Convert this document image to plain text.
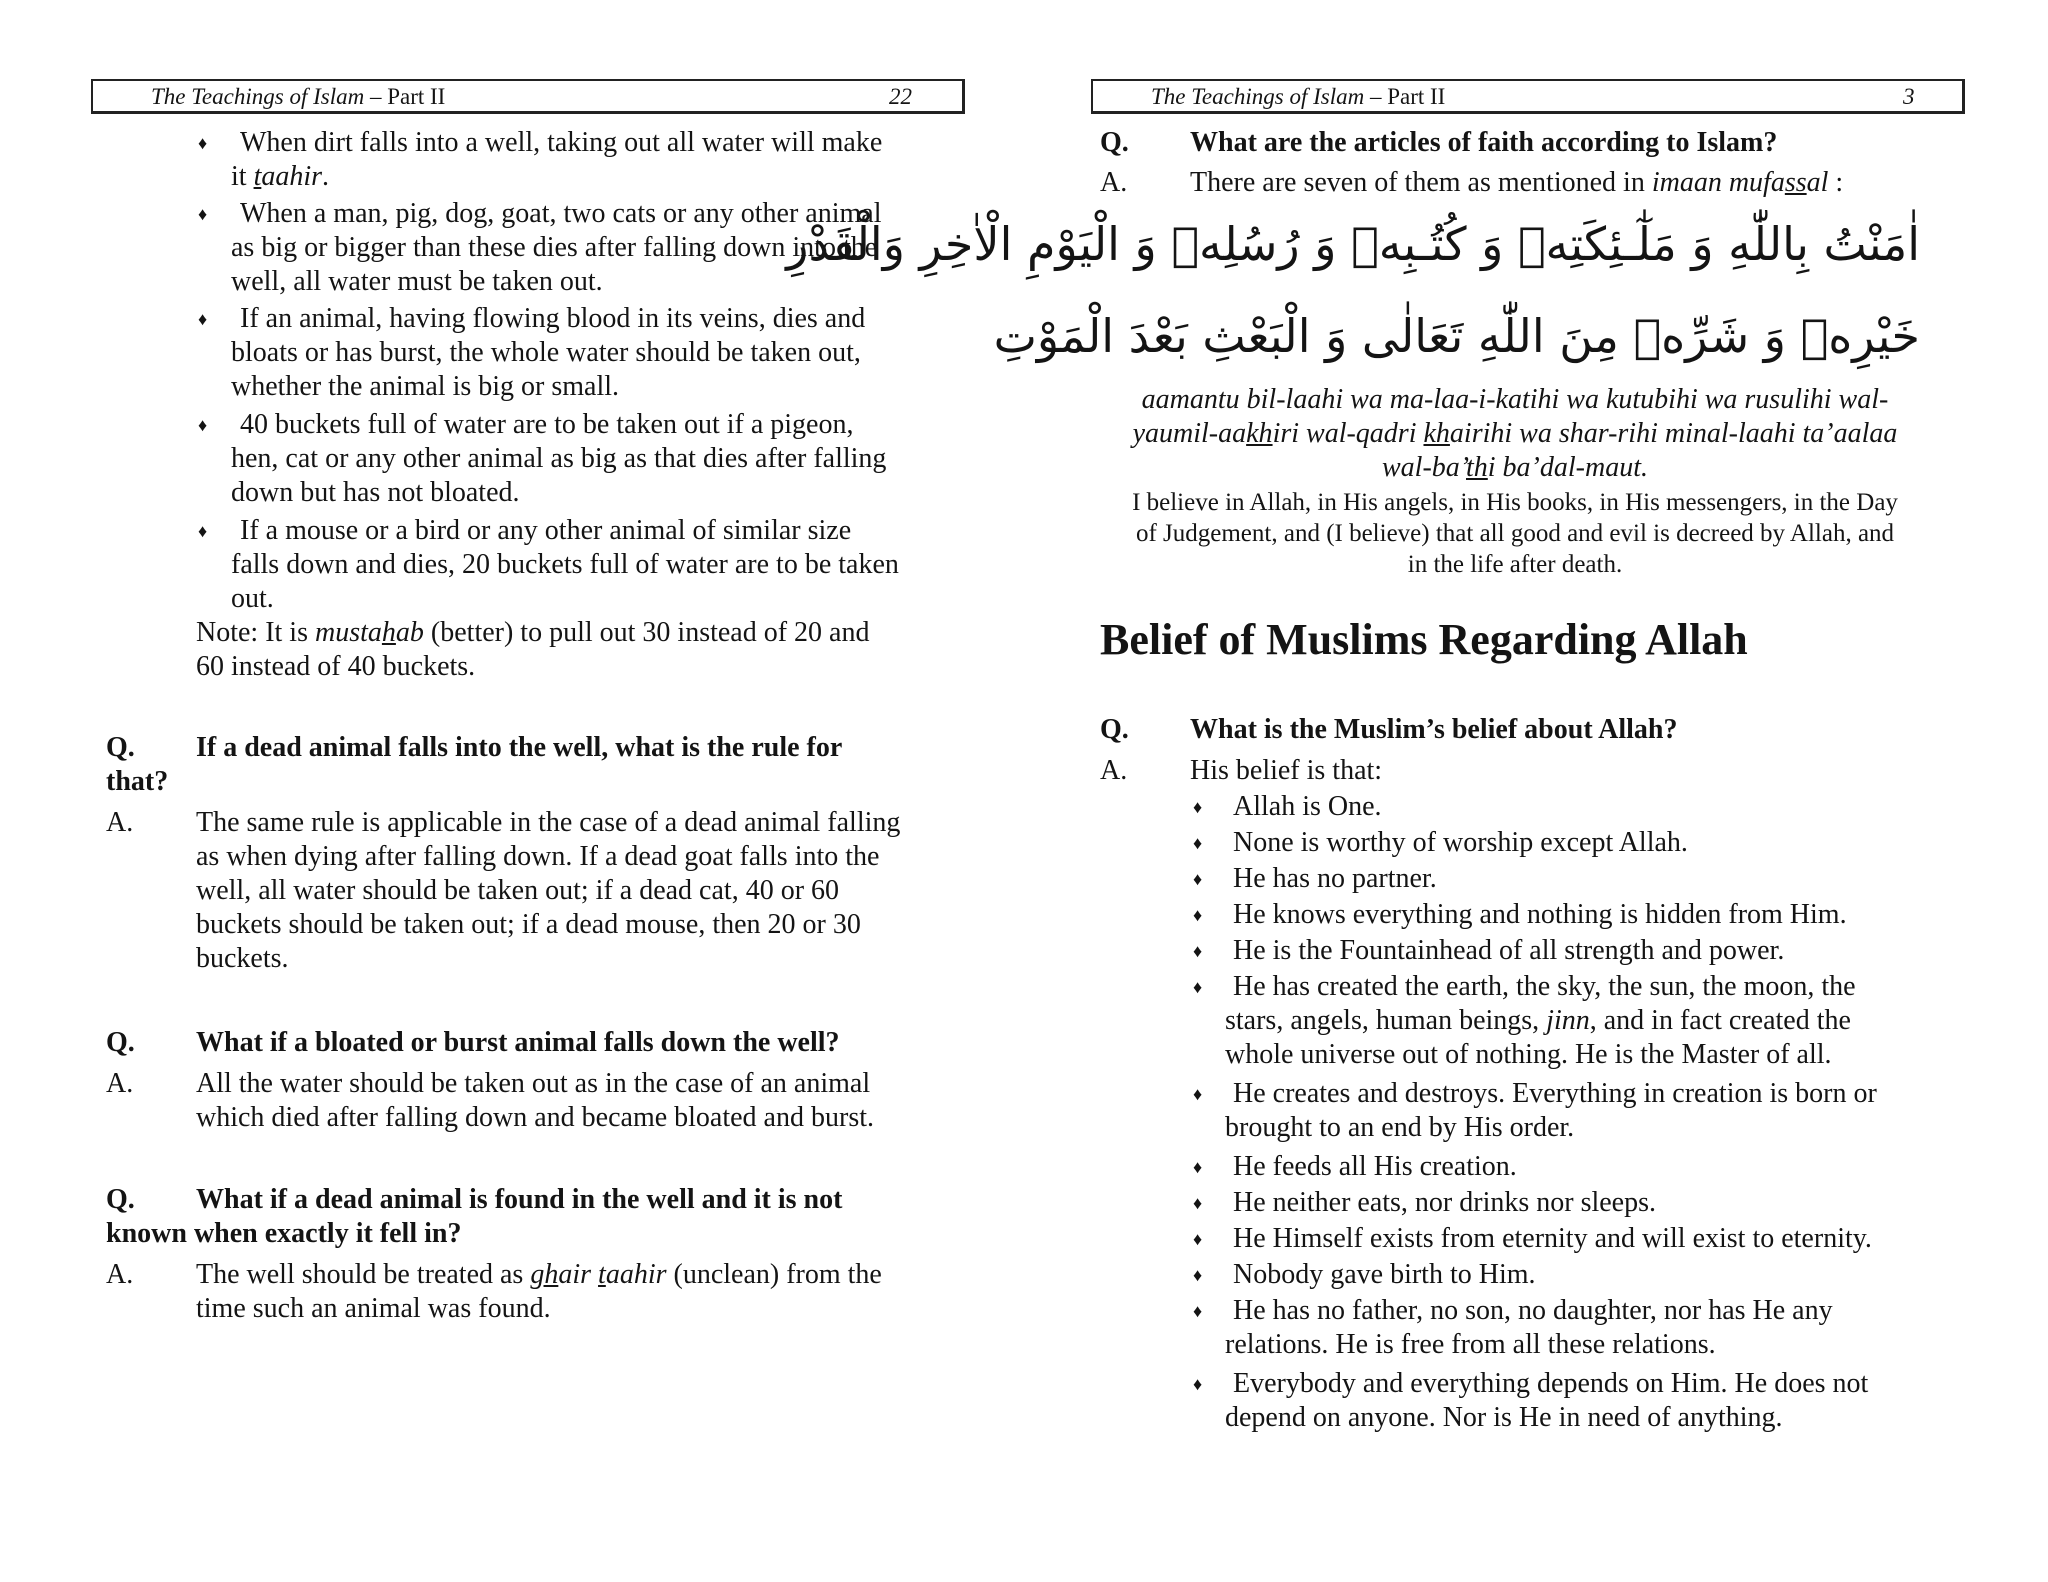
The Teachings of Islam – Part II	22
♦ When dirt falls into a well, taking out all water will make
it taahir.
♦ When a man, pig, dog, goat, two cats or any other animal
as big or bigger than these dies after falling down into the
well, all water must be taken out.
♦ If an animal, having flowing blood in its veins, dies and
bloats or has burst, the whole water should be taken out,
whether the animal is big or small.
♦ 40 buckets full of water are to be taken out if a pigeon,
hen, cat or any other animal as big as that dies after falling
down but has not bloated.
♦ If a mouse or a bird or any other animal of similar size
falls down and dies, 20 buckets full of water are to be taken
out.
Note: It is mustahab (better) to pull out 30 instead of 20 and
60 instead of 40 buckets.
Q. If a dead animal falls into the well, what is the rule for
that?
A. The same rule is applicable in the case of a dead animal falling
as when dying after falling down. If a dead goat falls into the
well, all water should be taken out; if a dead cat, 40 or 60
buckets should be taken out; if a dead mouse, then 20 or 30
buckets.
Q. What if a bloated or burst animal falls down the well?
A. All the water should be taken out as in the case of an animal
which died after falling down and became bloated and burst.
Q. What if a dead animal is found in the well and it is not
known when exactly it fell in?
A. The well should be treated as ghair taahir (unclean) from the
time such an animal was found.
The Teachings of Islam – Part II	3
Q. What are the articles of faith according to Islam?
A. There are seven of them as mentioned in imaan mufassal :
اٰمَنْتُ بِاللّٰهِ وَ مَلٰٓـئِكَتِهٖ وَ كُتُـبِهٖ وَ رُسُلِهٖ وَ الْيَوْمِ الْاٰخِرِ وَالْقَدْرِ
خَيْرِهٖ وَ شَرِّهٖ مِنَ اللّٰهِ تَعَالٰى وَ الْبَعْثِ بَعْدَ الْمَوْتِ
aamantu bil-laahi wa ma-laa-i-katihi wa kutubihi wa rusulihi wal-
yaumil-aakhiri wal-qadri khairihi wa shar-rihi minal-laahi ta’aalaa
wal-ba’thi ba’dal-maut.
I believe in Allah, in His angels, in His books, in His messengers, in the Day
of Judgement, and (I believe) that all good and evil is decreed by Allah, and
in the life after death.
Belief of Muslims Regarding Allah
Q. What is the Muslim’s belief about Allah?
A. His belief is that:
♦ Allah is One.
♦ None is worthy of worship except Allah.
♦ He has no partner.
♦ He knows everything and nothing is hidden from Him.
♦ He is the Fountainhead of all strength and power.
♦ He has created the earth, the sky, the sun, the moon, the
stars, angels, human beings, jinn, and in fact created the
whole universe out of nothing. He is the Master of all.
♦ He creates and destroys. Everything in creation is born or
brought to an end by His order.
♦ He feeds all His creation.
♦ He neither eats, nor drinks nor sleeps.
♦ He Himself exists from eternity and will exist to eternity.
♦ Nobody gave birth to Him.
♦ He has no father, no son, no daughter, nor has He any
relations. He is free from all these relations.
♦ Everybody and everything depends on Him. He does not
depend on anyone. Nor is He in need of anything.
